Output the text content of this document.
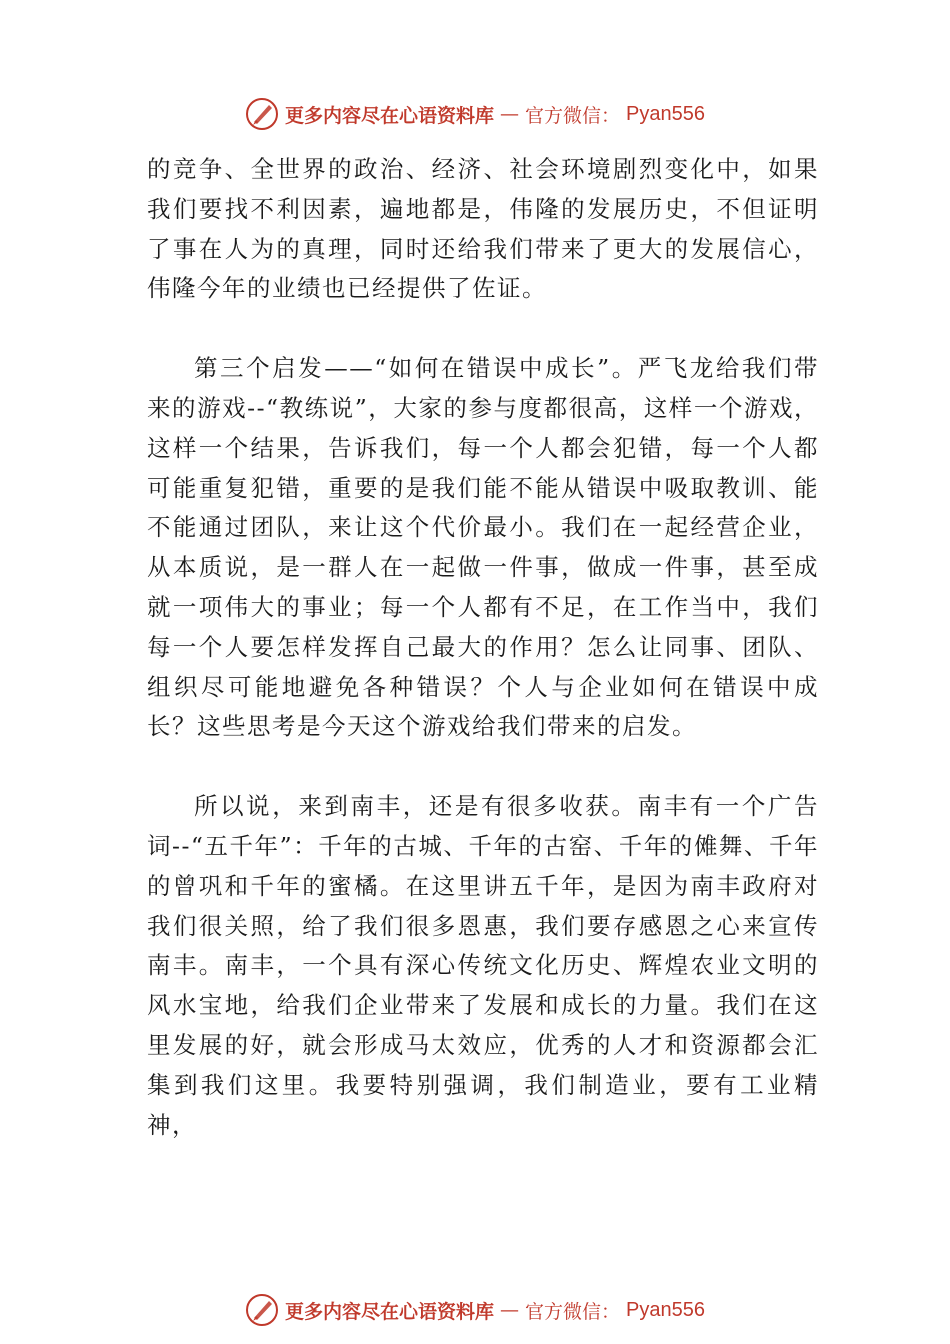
更多内容尽在心语资料库 — 官方微信： Pyan556

的竞争、全世界的政治、经济、社会环境剧烈变化中，如果我们要找不利因素，遍地都是，伟隆的发展历史，不但证明了事在人为的真理，同时还给我们带来了更大的发展信心，伟隆今年的业绩也已经提供了佐证。

第三个启发——“如何在错误中成长”。严飞龙给我们带来的游戏--“教练说”，大家的参与度都很高，这样一个游戏，这样一个结果，告诉我们，每一个人都会犯错，每一个人都可能重复犯错，重要的是我们能不能从错误中吸取教训、能不能通过团队，来让这个代价最小。我们在一起经营企业， 从本质说，是一群人在一起做一件事，做成一件事，甚至成就一项伟大的事业；每一个人都有不足，在工作当中，我们每一个人要怎样发挥自己最大的作用？怎么让同事、团队、组织尽可能地避免各种错误？个人与企业如何在错误中成长？这些思考是今天这个游戏给我们带来的启发。

所以说，来到南丰，还是有很多收获。南丰有一个广告词--“五千年”：千年的古城、千年的古窑、千年的傩舞、千年的曾巩和千年的蜜橘。在这里讲五千年，是因为南丰政府对我们很关照，给了我们很多恩惠，我们要存感恩之心来宣传南丰。南丰，一个具有深心传统文化历史、辉煌农业文明的风水宝地，给我们企业带来了发展和成长的力量。我们在这里发展的好，就会形成马太效应，优秀的人才和资源都会汇集到我们这里。我要特别强调，我们制造业，要有工业精神，

更多内容尽在心语资料库 — 官方微信： Pyan556
